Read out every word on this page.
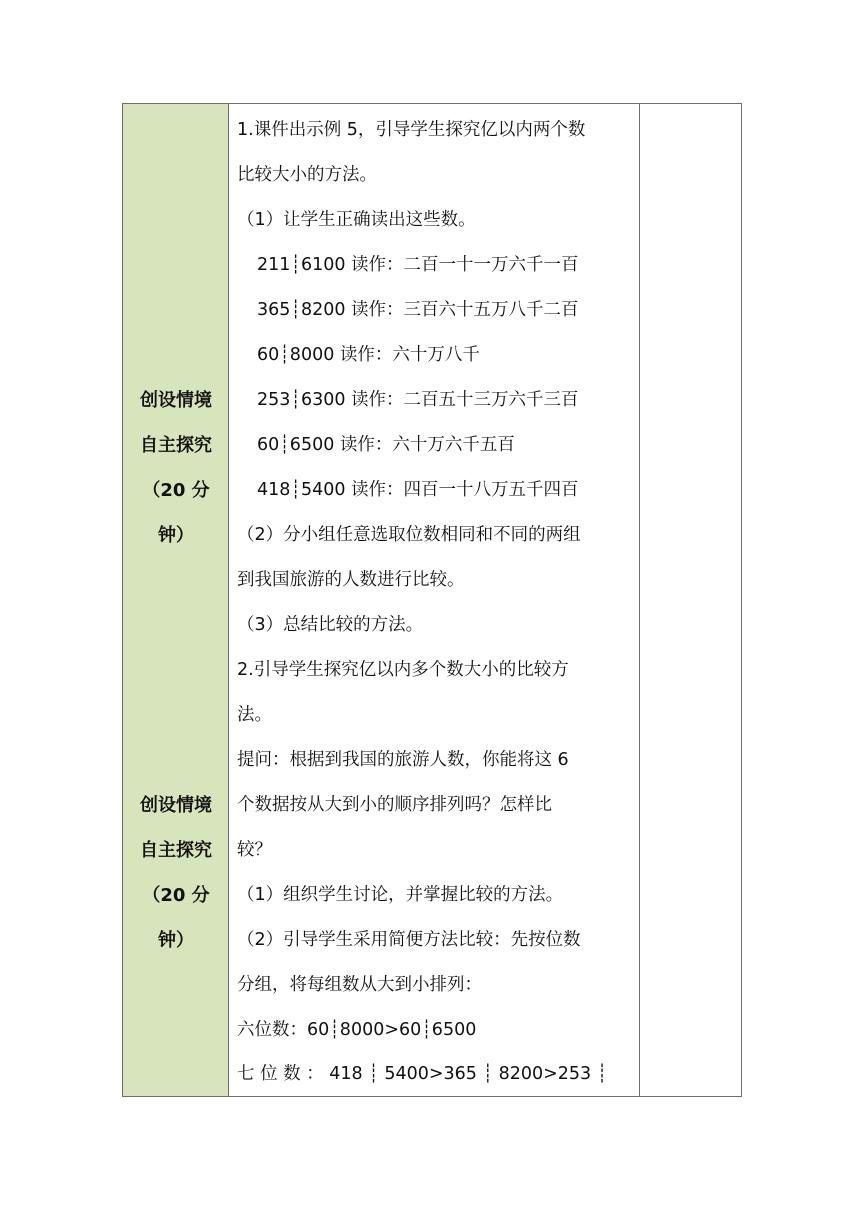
创设情境
自主探究
（20 分
钟）
创设情境
自主探究
（20 分
钟）
1.课件出示例 5，引导学生探究亿以内两个数
比较大小的方法。
（1）让学生正确读出这些数。
211┊6100 读作：二百一十一万六千一百
365┊8200 读作：三百六十五万八千二百
60┊8000 读作：六十万八千
253┊6300 读作：二百五十三万六千三百
60┊6500 读作：六十万六千五百
418┊5400 读作：四百一十八万五千四百
（2）分小组任意选取位数相同和不同的两组
到我国旅游的人数进行比较。
（3）总结比较的方法。
2.引导学生探究亿以内多个数大小的比较方
法。
提问：根据到我国的旅游人数，你能将这 6
个数据按从大到小的顺序排列吗？怎样比
较？
（1）组织学生讨论，并掌握比较的方法。
（2）引导学生采用简便方法比较：先按位数
分组，将每组数从大到小排列：
六位数：60┊8000>60┊6500
七 位 数 ： 418 ┊ 5400>365 ┊ 8200>253 ┊
